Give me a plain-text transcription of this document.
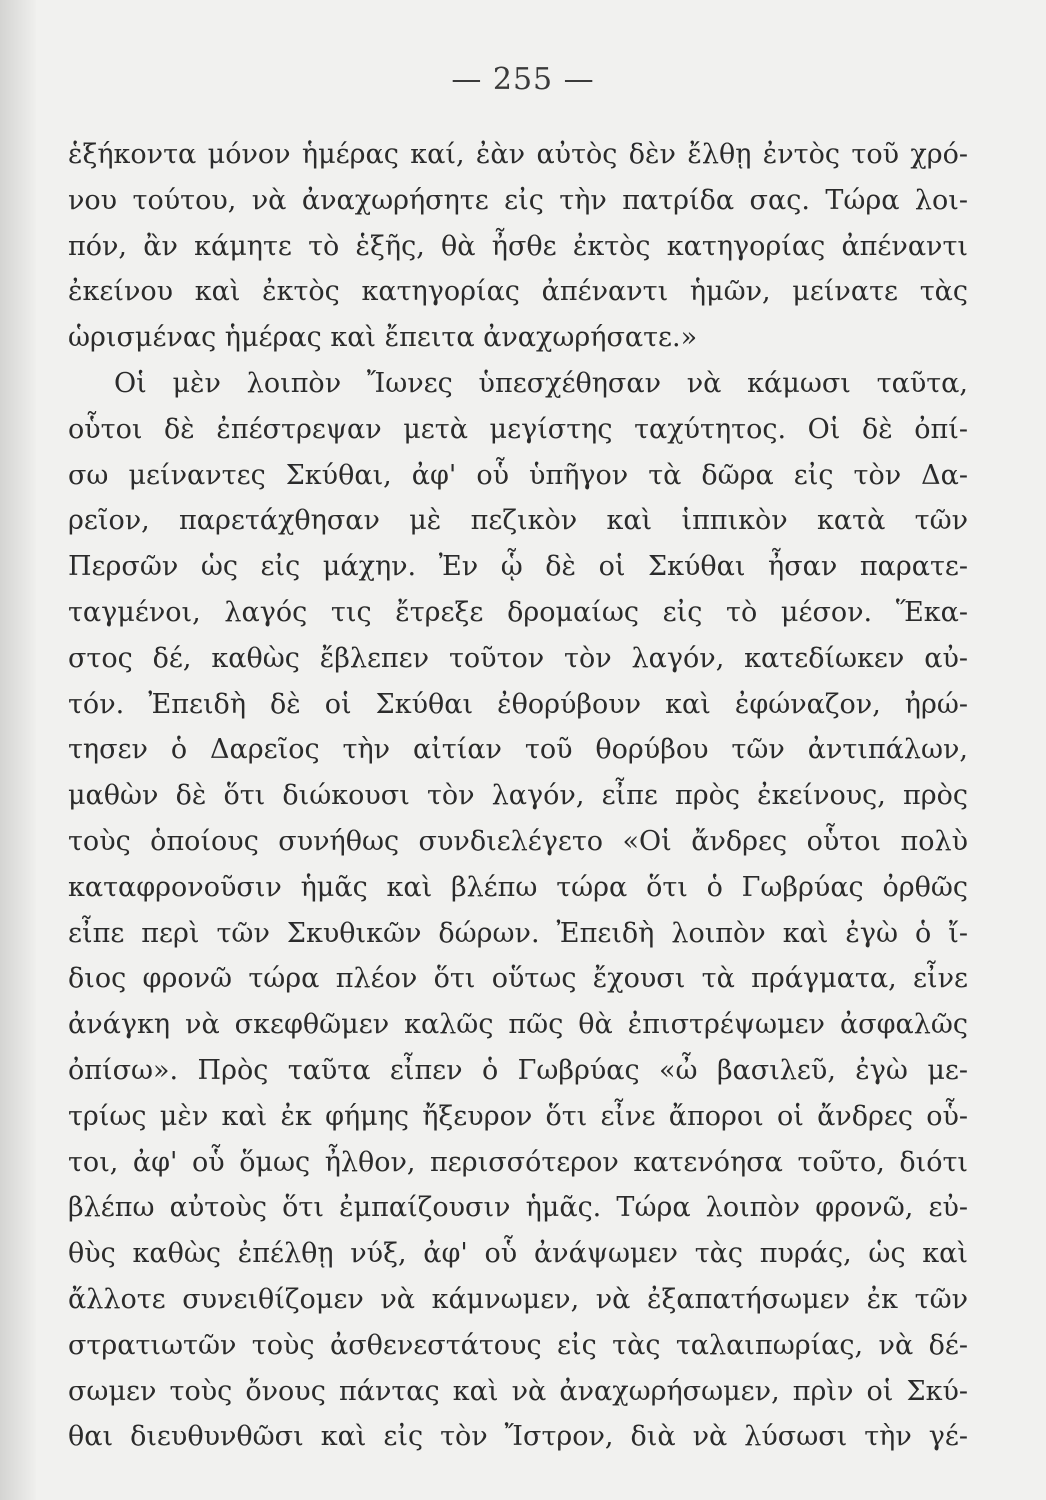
— 255 —
ἑξήκοντα μόνον ἡμέρας καί, ἐὰν αὐτὸς δὲν ἔλθῃ ἐντὸς τοῦ χρό-
νου τούτου, νὰ ἀναχωρήσητε εἰς τὴν πατρίδα σας. Τώρα λοι-
πόν, ἂν κάμητε τὸ ἑξῆς, θὰ ἦσθε ἐκτὸς κατηγορίας ἀπέναντι
ἐκείνου καὶ ἐκτὸς κατηγορίας ἀπέναντι ἡμῶν, μείνατε τὰς
ὡρισμένας ἡμέρας καὶ ἔπειτα ἀναχωρήσατε.»
Οἱ μὲν λοιπὸν Ἴωνες ὑπεσχέθησαν νὰ κάμωσι ταῦτα,
οὗτοι δὲ ἐπέστρεψαν μετὰ μεγίστης ταχύτητος. Οἱ δὲ ὀπί-
σω μείναντες Σκύθαι, ἀφ' οὗ ὑπῆγον τὰ δῶρα εἰς τὸν Δα-
ρεῖον, παρετάχθησαν μὲ πεζικὸν καὶ ἱππικὸν κατὰ τῶν
Περσῶν ὡς εἰς μάχην. Ἐν ᾧ δὲ οἱ Σκύθαι ἦσαν παρατε-
ταγμένοι, λαγός τις ἔτρεξε δρομαίως εἰς τὸ μέσον. Ἕκα-
στος δέ, καθὼς ἔβλεπεν τοῦτον τὸν λαγόν, κατεδίωκεν αὐ-
τόν. Ἐπειδὴ δὲ οἱ Σκύθαι ἐθορύβουν καὶ ἐφώναζον, ἠρώ-
τησεν ὁ Δαρεῖος τὴν αἰτίαν τοῦ θορύβου τῶν ἀντιπάλων,
μαθὼν δὲ ὅτι διώκουσι τὸν λαγόν, εἶπε πρὸς ἐκείνους, πρὸς
τοὺς ὁποίους συνήθως συνδιελέγετο «Οἱ ἄνδρες οὗτοι πολὺ
καταφρονοῦσιν ἡμᾶς καὶ βλέπω τώρα ὅτι ὁ Γωβρύας ὀρθῶς
εἶπε περὶ τῶν Σκυθικῶν δώρων. Ἐπειδὴ λοιπὸν καὶ ἐγὼ ὁ ἴ-
διος φρονῶ τώρα πλέον ὅτι οὕτως ἔχουσι τὰ πράγματα, εἶνε
ἀνάγκη νὰ σκεφθῶμεν καλῶς πῶς θὰ ἐπιστρέψωμεν ἀσφαλῶς
ὀπίσω». Πρὸς ταῦτα εἶπεν ὁ Γωβρύας «ὦ βασιλεῦ, ἐγὼ με-
τρίως μὲν καὶ ἐκ φήμης ἤξευρον ὅτι εἶνε ἄποροι οἱ ἄνδρες οὗ-
τοι, ἀφ' οὗ ὅμως ἦλθον, περισσότερον κατενόησα τοῦτο, διότι
βλέπω αὐτοὺς ὅτι ἐμπαίζουσιν ἡμᾶς. Τώρα λοιπὸν φρονῶ, εὐ-
θὺς καθὼς ἐπέλθῃ νύξ, ἀφ' οὗ ἀνάψωμεν τὰς πυράς, ὡς καὶ
ἄλλοτε συνειθίζομεν νὰ κάμνωμεν, νὰ ἐξαπατήσωμεν ἐκ τῶν
στρατιωτῶν τοὺς ἀσθενεστάτους εἰς τὰς ταλαιπωρίας, νὰ δέ-
σωμεν τοὺς ὄνους πάντας καὶ νὰ ἀναχωρήσωμεν, πρὶν οἱ Σκύ-
θαι διευθυνθῶσι καὶ εἰς τὸν Ἴστρον, διὰ νὰ λύσωσι τὴν γέ-
